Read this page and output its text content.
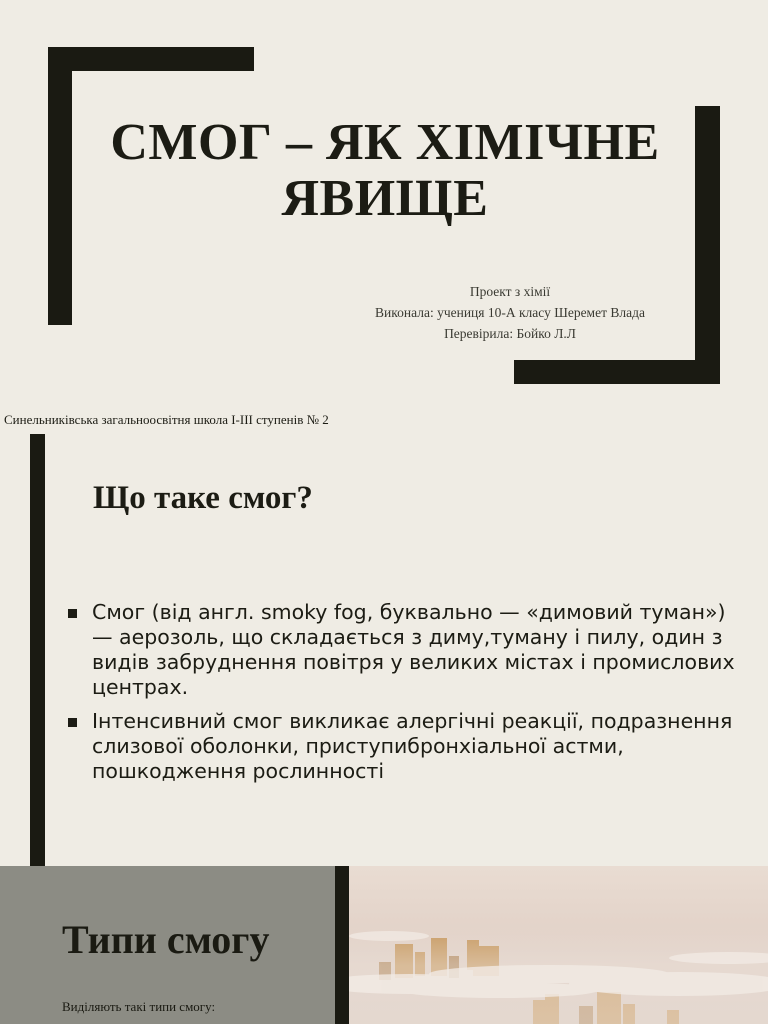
СМОГ – ЯК ХІМІЧНЕ ЯВИЩЕ
Проект з хімії
Виконала: учениця 10-А класу Шеремет Влада
Перевірила: Бойко Л.Л
Синельниківська загальноосвітня школа І-ІІІ ступенів № 2
Що таке смог?
Смог (від англ. smoky fog, буквально — «димовий туман») — аерозоль, що складається з диму,туману і пилу, один з видів забруднення повітря у великих містах і промислових центрах.
Інтенсивний смог викликає алергічні реакції, подразнення слизової оболонки, приступибронхіальної астми, пошкодження рослинності
Типи смогу
Виділяють такі типи смогу:
